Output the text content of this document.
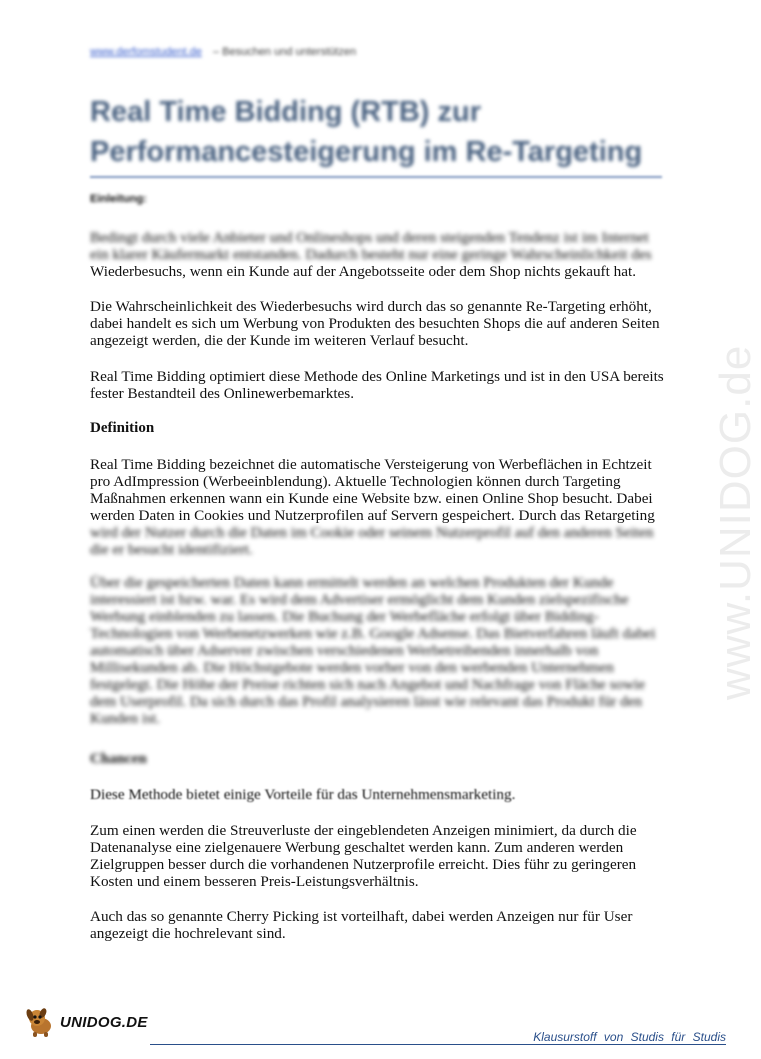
www.derfomstudent.de – Besuchen und unterstützen
Real Time Bidding (RTB) zur Performancesteigerung im Re-Targeting
Einleitung:
Bedingt durch viele Anbieter und Onlineshops und deren steigenden Tendenz ist im Internet
ein klarer Käufermarkt entstanden. Dadurch besteht nur eine geringe Wahrscheinlichkeit des
Wiederbesuchs, wenn ein Kunde auf der Angebotsseite oder dem Shop nichts gekauft hat.

Die Wahrscheinlichkeit des Wiederbesuchs wird durch das so genannte Re-Targeting erhöht, dabei handelt es sich um Werbung von Produkten des besuchten Shops die auf anderen Seiten angezeigt werden, die der Kunde im weiteren Verlauf besucht.

Real Time Bidding optimiert diese Methode des Online Marketings und ist in den USA bereits fester Bestandteil des Onlinewerbemarktes.

Definition

Real Time Bidding bezeichnet die automatische Versteigerung von Werbeflächen in Echtzeit pro AdImpression (Werbeeinblendung). Aktuelle Technologien können durch Targeting Maßnahmen erkennen wann ein Kunde eine Website bzw. einen Online Shop besucht. Dabei werden Daten in Cookies und Nutzerprofilen auf Servern gespeichert. Durch das Retargeting

wird der Nutzer durch die Daten im Cookie oder seinem Nutzerprofil auf den anderen Seiten die er besucht identifiziert.

Über die gespeicherten Daten kann ermittelt werden an welchen Produkten der Kunde interessiert ist bzw. war. Es wird dem Advertiser ermöglicht dem Kunden zielspezifische Werbung einblenden zu lassen. Die Buchung der Werbefläche erfolgt über Bidding-Technologien von Werbenetzwerken wie z.B. Google Adsense. Das Bietverfahren läuft dabei automatisch über Adserver zwischen verschiedenen Werbetreibenden innerhalb von Millisekunden ab. Die Höchstgebote werden vorher von den werbenden Unternehmen festgelegt. Die Höhe der Preise richten sich nach Angebot und Nachfrage von Fläche sowie dem Userprofil. Da sich durch das Profil analysieren lässt wie relevant das Produkt für den Kunden ist.

Chancen

Diese Methode bietet einige Vorteile für das Unternehmensmarketing.

Zum einen werden die Streuverluste der eingeblendeten Anzeigen minimiert, da durch die Datenanalyse eine zielgenauere Werbung geschaltet werden kann. Zum anderen werden Zielgruppen besser durch die vorhandenen Nutzerprofile erreicht. Dies führ zu geringeren Kosten und einem besseren Preis-Leistungsverhältnis.

Auch das so genannte Cherry Picking ist vorteilhaft, dabei werden Anzeigen nur für User angezeigt die hochrelevant sind.

www.UNIDOG.de
UNIDOG.DE
Klausurstoff von Studis für Studis
